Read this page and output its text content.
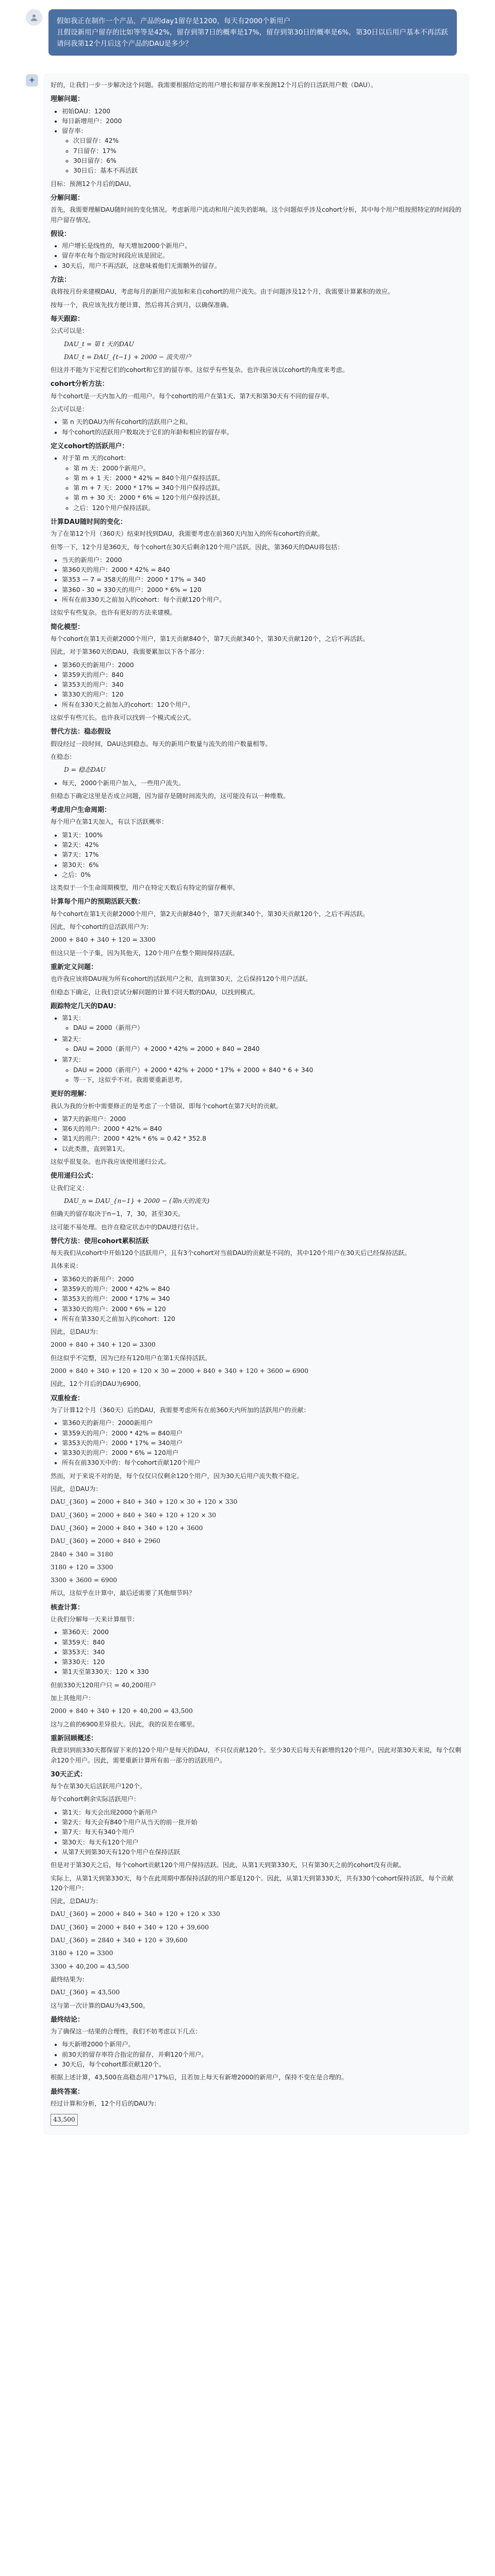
假如我正在制作一个产品，产品的day1留存是1200，每天有2000个新用户

且假设新用户留存的比如等等是42%，留存到第7日的概率是17%，留存到第30日的概率是6%，第30日以后用户基本不再活跃

请问我第12个月后这个产品的DAU是多少？

好的，让我们一步一步解决这个问题。我需要根据给定的用户增长和留存率来预测12个月后的日活跃用户数（DAU）。

理解问题：
• 初始DAU：1200
• 每日新增用户：2000
• 留存率：
◦ 次日留存：42%
◦ 7日留存：17%
◦ 30日留存：6%
◦ 30日后：基本不再活跃

目标：预测12个月后的DAU。

分解问题：

首先，我需要理解DAU随时间的变化情况。考虑新用户流动和用户流失的影响。这个问题似乎涉及cohort分析，其中每个用户组按照特定的时间段的用户留存情况。

假设：
• 用户增长是线性的，每天增加2000个新用户。
• 留存率在每个指定时间段应该是固定。
• 30天后，用户不再活跃，这意味着他们无需额外的留存。
方法：

我将按月份来建模DAU，考虑每月的新用户流加和来自cohort的用户流失。由于问题涉及12个月，我需要计算累积的效应。

按每一个，我应该先找方便计算，然后将其合到月，以确保准确。

每天跟踪：

公式可以是：

DAU_t = 第 t 天的DAU

DAU_t = DAU_{t−1} + 2000 − 流失用户

但这并不能为下定程它们的cohort和它们的留存率。这似乎有些复杂。也许我应该以cohort的角度来考虑。

cohort分析方法：

每个cohort是一天内加入的一组用户。每个cohort的用户在第1天、第7天和第30天有不同的留存率。

公式可以是：

• 第 n 天的DAU为所有cohort的活跃用户之和。
• 每个cohort的活跃用户数取决于它们的年龄和相应的留存率。
定义cohort的活跃用户：
• 对于第 m 天的cohort：
◦ 第 m 天：2000个新用户。
◦ 第 m + 1 天：2000 * 42% = 840个用户保持活跃。
◦ 第 m + 7 天：2000 * 17% = 340个用户保持活跃。
◦ 第 m + 30 天：2000 * 6% = 120个用户保持活跃。
◦ 之后：120个用户保持活跃。
计算DAU随时间的变化：

为了在第12个月（360天）结束时找到DAU，我需要考虑在前360天内加入的所有cohort的贡献。

但等一下，12个月是360天，每个cohort在30天后剩余120个用户活跃。因此，第360天的DAU将包括：

• 当天的新用户：2000
• 第360天的用户：2000 * 42% = 840
• 第353 — 7 = 358天的用户：2000 * 17% = 340
• 第360 - 30 = 330天的用户：2000 * 6% = 120
• 所有在前330天之前加入的cohort：每个贡献120个用户。

这似乎有些复杂。也许有更好的方法来建模。

简化模型：

每个cohort在第1天贡献2000个用户，第1天贡献840个，第7天贡献340个，第30天贡献120个，之后不再活跃。

因此，对于第360天的DAU，我需要累加以下各个部分：

• 第360天的新用户：2000
• 第359天的用户：840
• 第353天的用户：340
• 第330天的用户：120
• 所有在330天之前加入的cohort：120个用户。

这似乎有些冗长。也许我可以找到一个模式或公式。

替代方法：稳态假设

假设经过一段时间，DAU达到稳态。每天的新用户数量与流失的用户数量相等。

在稳态：

D = 稳态DAU

• 每天，2000个新用户加入，一些用户流失。

但稳态下确定这里是否成立问题，因为留存是随时间流失的，这可能没有以一种维数。

考虑用户生命周期：

每个用户在第1天加入，有以下活跃概率：

• 第1天：100%
• 第2天：42%
• 第7天：17%
• 第30天：6%
• 之后：0%

这类似于一个生命周期模型，用户在特定天数后有特定的留存概率。

计算每个用户的预期活跃天数：

每个cohort在第1天贡献2000个用户，第2天贡献840个，第7天贡献340个，第30天贡献120个，之后不再活跃。

因此，每个cohort的总活跃用户为：

2000 + 840 + 340 + 120 = 3300

但这只是一个子集，因为其他天，120个用户在整个期间保持活跃。

重新定义问题：

也许我应该将DAU视为所有cohort的活跃用户之和，直到第30天，之后保持120个用户活跃。

但稳态下确定，让我们尝试分解问题的计算不同天数的DAU，以找到模式。

跟踪特定几天的DAU：
• 第1天：
◦ DAU = 2000（新用户）
• 第2天：
◦ DAU = 2000（新用户）+ 2000 * 42% = 2000 + 840 = 2840
• 第7天：
◦ DAU = 2000（新用户）+ 2000 * 42% + 2000 * 17% + 2000 + 840 * 6 + 340
◦ 等一下，这似乎不对。我需要重新思考。
更好的理解：

我认为我的分析中需要修正的是考虑了一个错误，即每个cohort在第7天时的贡献。

• 第7天的新用户：2000
• 第6天的用户：2000 * 42% = 840
• 第1天的用户：2000 * 42% * 6% = 0.42 * 352.8
• 以此类推，直到第1天。

这似乎很复杂。也许我应该使用递归公式。

使用递归公式：

让我们定义：

DAU_n = DAU_{n−1} + 2000 − (第n天的流失)

但确天的留存取决于n−1，7，30，甚至30天。

这可能不易处理。也许在稳定状态中的DAU进行估计。

替代方法：使用cohort累积活跃

每天我们从cohort中开始120个活跃用户，且有3个cohort对当前DAU的贡献是不同的，其中120个用户在30天后已经保持活跃。

具体来说：

• 第360天的新用户：2000
• 第359天的用户：2000 * 42% = 840
• 第353天的用户：2000 * 17% = 340
• 第330天的用户：2000 * 6% = 120
• 所有在第330天之前加入的cohort：120

因此，总DAU为：

2000 + 840 + 340 + 120 = 3300

但这似乎不完整，因为已经有120用户在第1天保持活跃。

2000 + 840 + 340 + 120 + 120 × 30 = 2000 + 840 + 340 + 120 + 3600 = 6900

因此，12个月后的DAU为6900。

双重检查：

为了计算12个月（360天）后的DAU，我需要考虑所有在前360天内所加的活跃用户的贡献：

• 第360天的新用户：2000新用户
• 第359天的用户：2000 * 42% = 840用户
• 第353天的用户：2000 * 17% = 340用户
• 第330天的用户：2000 * 6% = 120用户
• 所有在前330天中的：每个cohort贡献120个用户

然而，对于来说不对的是，每个仅仅只仅剩余120个用户，因为30天后用户流失数不稳定。

因此，总DAU为：

DAU_{360} = 2000 + 840 + 340 + 120 × 30 + 120 × 330

DAU_{360} = 2000 + 840 + 340 + 120 + 120 × 30

DAU_{360} = 2000 + 840 + 340 + 120 + 3600

DAU_{360} = 2000 + 840 + 2960

2840 + 340 = 3180

3180 + 120 = 3300

3300 + 3600 = 6900

所以，这似乎在计算中，最后还需要了其他细节吗？

核查计算：

让我们分解每一天来计算细节：

• 第360天：2000
• 第359天：840
• 第353天：340
• 第330天：120
• 第1天至第330天：120 × 330

但前330天120用户只 = 40,200用户

加上其他用户：

2000 + 840 + 340 + 120 + 40,200 = 43,500

这与之前的6900差异很大。因此，我的误差在哪里。

重新回顾概述：

我意识到前330天都保留下来的120个用户是每天的DAU，不只仅贡献120个。至少30天后每天有新增的120个用户。因此对第30天来说，每个仅剩余120个用户。因此，需要重新计算所有前一部分的活跃用户。

30天正式：

每个在第30天后活跃用户120个。

每个cohort剩余实际活跃用户：

• 第1天：每天会出现2000个新用户
• 第2天：每天会有840个用户从当天的前一批开始
• 第7天：每天有340个用户
• 第30天：每天有120个用户
• 从第7天到第30天有120个用户在保持活跃

但是对于第30天之后，每个cohort贡献120个用户保持活跃。因此，从第1天到第330天，只有第30天之前的cohort没有贡献。

实际上，从第1天到第330天，每个在此周期中都保持活跃的用户都是120个。因此，从第1天到第330天，共有330个cohort保持活跃，每个贡献120个用户：

因此，总DAU为：

DAU_{360} = 2000 + 840 + 340 + 120 + 120 × 330

DAU_{360} = 2000 + 840 + 340 + 120 + 39,600

DAU_{360} = 2840 + 340 + 120 + 39,600

3180 + 120 = 3300

3300 + 40,200 = 43,500

最终结果为：

DAU_{360} = 43,500

这与第一次计算的DAU为43,500。

最终结论：

为了确保这一结果的合理性，我们不妨考虑以下几点：

• 每天新增2000个新用户。
• 前30天的留存率符合指定的留存，并剩120个用户。
• 30天后，每个cohort都贡献120个。

根据上述计算，43,500在高稳态用户17%后，且若加上每天有新增2000的新用户，保持不变在是合理的。

最终答案：

经过计算和分析，12个月后的DAU为：

43,500
